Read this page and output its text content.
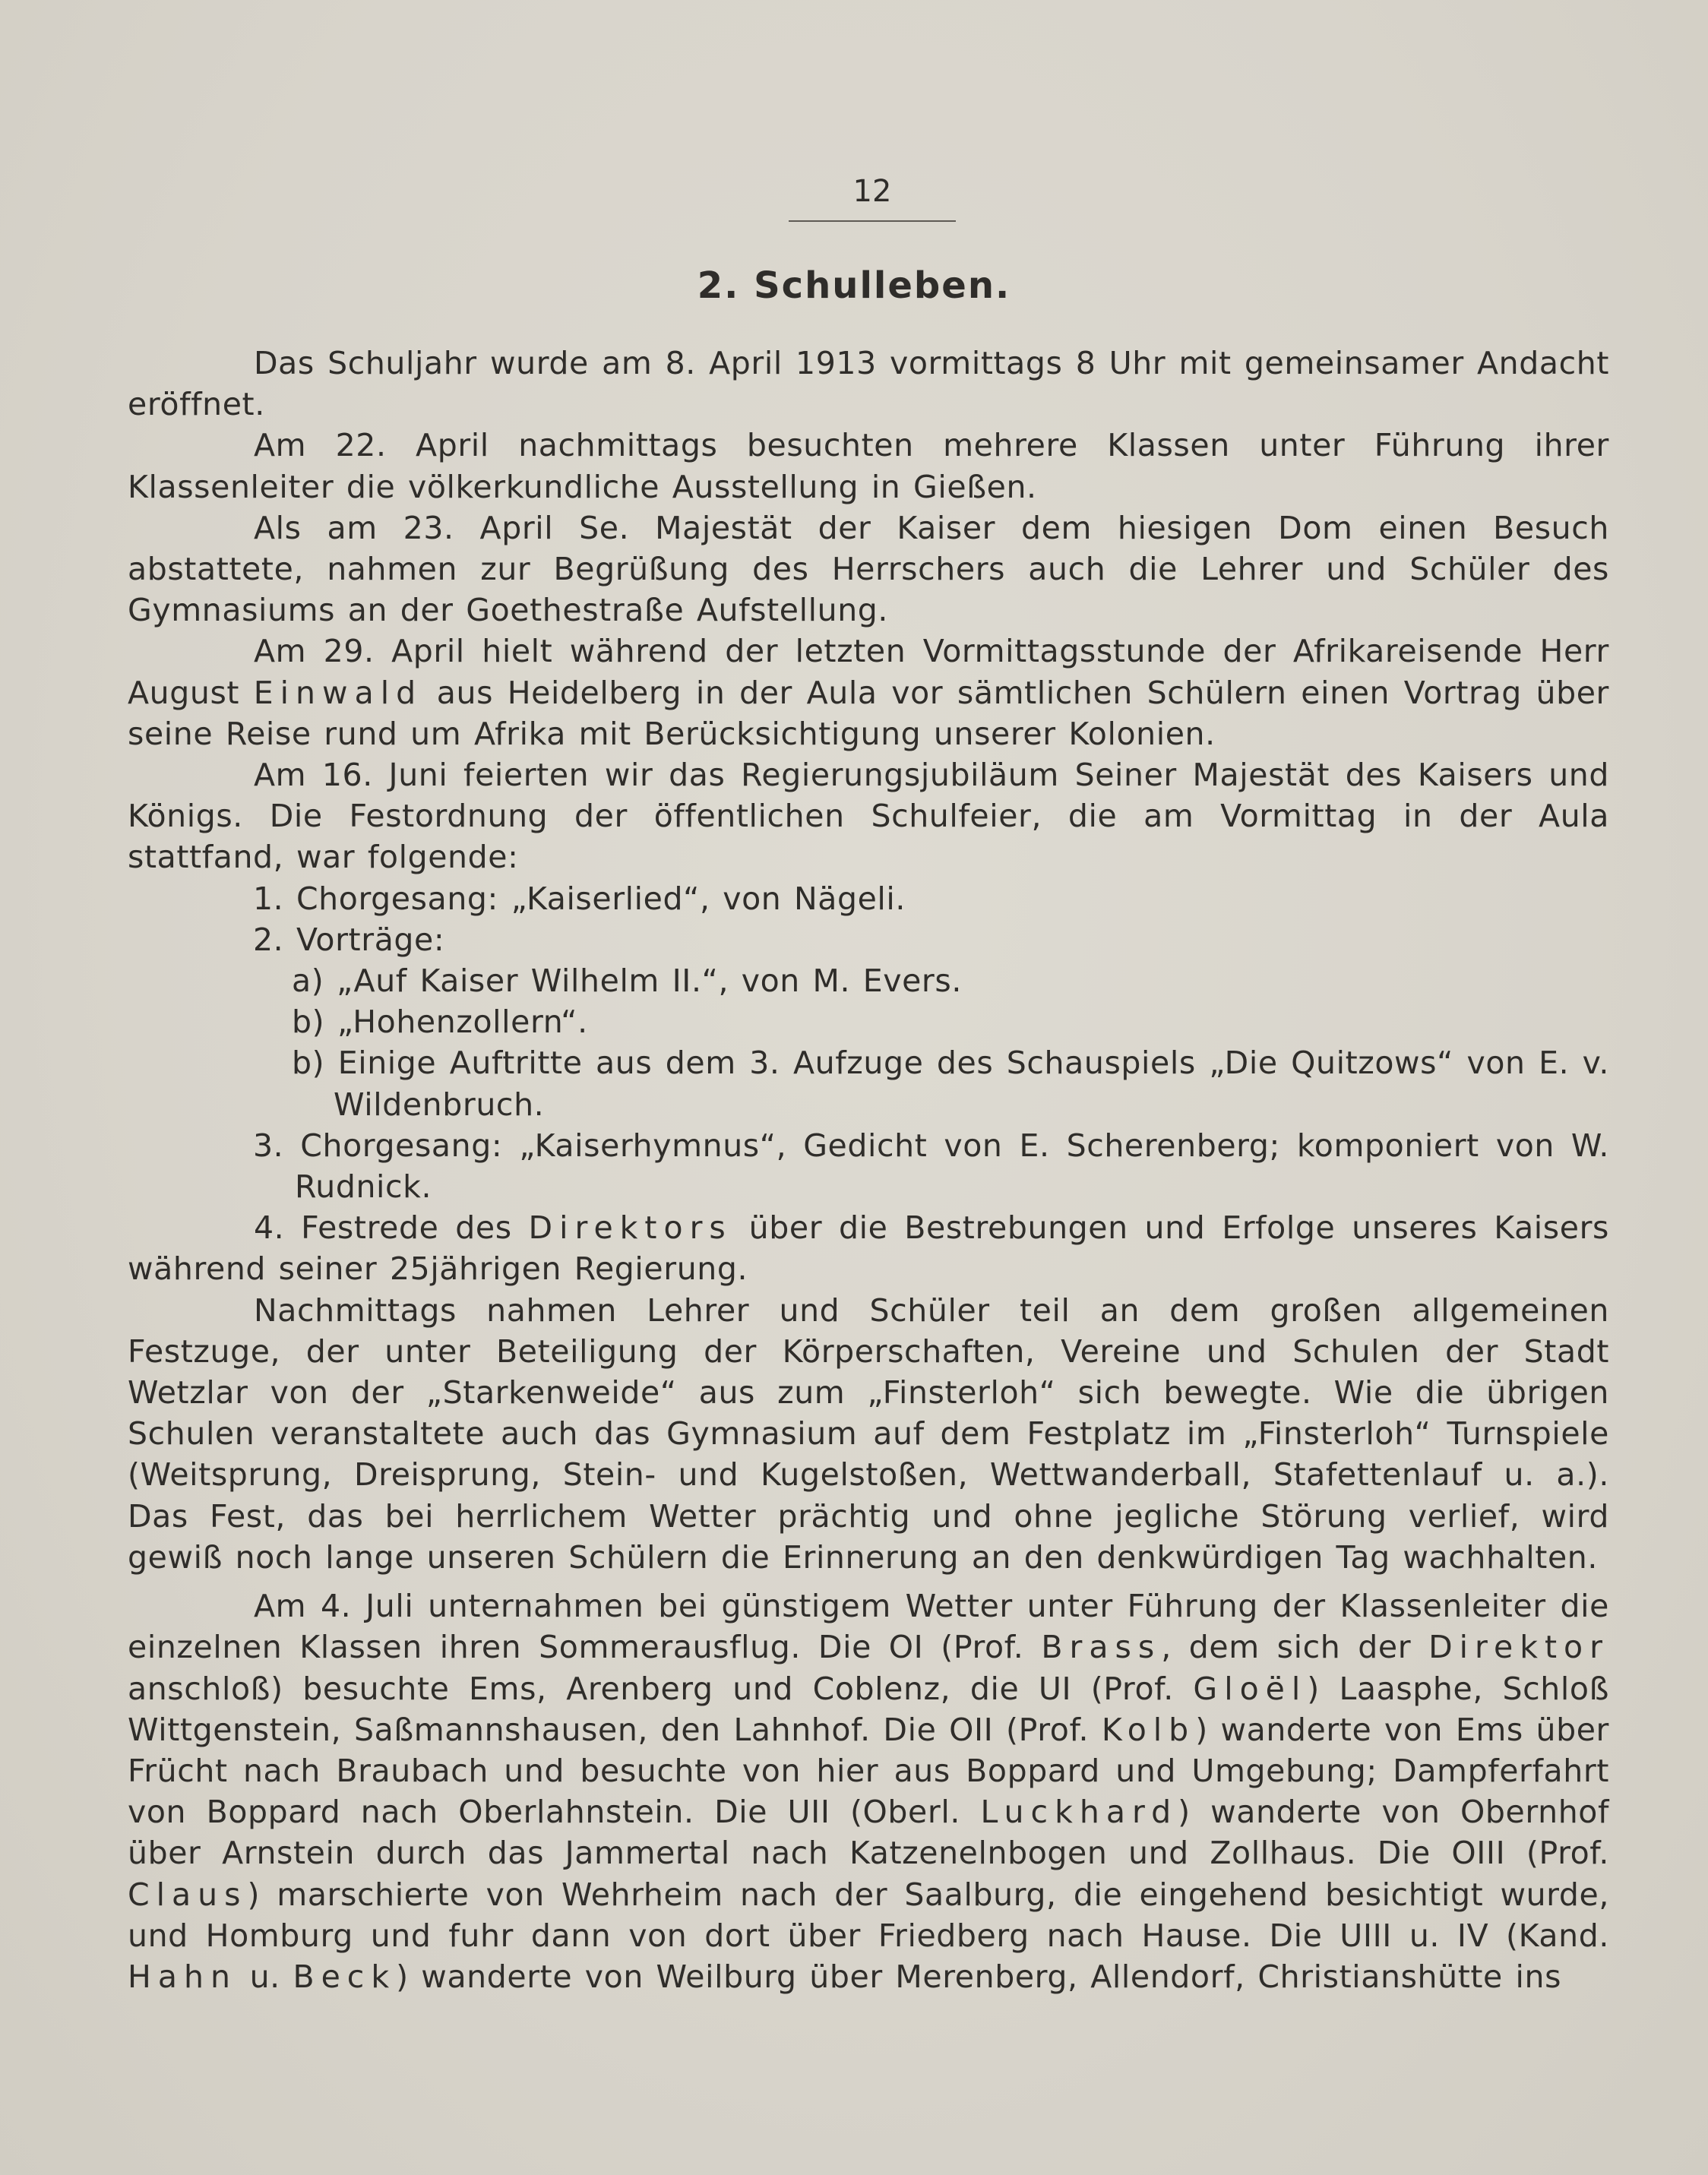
12
2. Schulleben.

Das Schuljahr wurde am 8. April 1913 vormittags 8 Uhr mit gemeinsamer Andacht eröffnet.

Am 22. April nachmittags besuchten mehrere Klassen unter Führung ihrer Klassenleiter die völkerkundliche Ausstellung in Gießen.

Als am 23. April Se. Majestät der Kaiser dem hiesigen Dom einen Besuch abstattete, nahmen zur Begrüßung des Herrschers auch die Lehrer und Schüler des Gymnasiums an der Goethestraße Aufstellung.

Am 29. April hielt während der letzten Vormittagsstunde der Afrikareisende Herr August Einwald aus Heidelberg in der Aula vor sämtlichen Schülern einen Vortrag über seine Reise rund um Afrika mit Berücksichtigung unserer Kolonien.

Am 16. Juni feierten wir das Regierungsjubiläum Seiner Majestät des Kaisers und Königs. Die Festordnung der öffentlichen Schulfeier, die am Vormittag in der Aula stattfand, war folgende:

1. Chorgesang: „Kaiserlied“, von Nägeli.

2. Vorträge:

a) „Auf Kaiser Wilhelm II.“, von M. Evers.

b) „Hohenzollern“.

b) Einige Auftritte aus dem 3. Aufzuge des Schauspiels „Die Quitzows“ von E. v. Wildenbruch.

3. Chorgesang: „Kaiserhymnus“, Gedicht von E. Scherenberg; komponiert von W. Rudnick.

4. Festrede des Direktors über die Bestrebungen und Erfolge unseres Kaisers während seiner 25jährigen Regierung.

Nachmittags nahmen Lehrer und Schüler teil an dem großen allgemeinen Festzuge, der unter Beteiligung der Körperschaften, Vereine und Schulen der Stadt Wetzlar von der „Starkenweide“ aus zum „Finsterloh“ sich bewegte. Wie die übrigen Schulen veranstaltete auch das Gymnasium auf dem Festplatz im „Finsterloh“ Turnspiele (Weitsprung, Dreisprung, Stein- und Kugelstoßen, Wettwanderball, Stafettenlauf u. a.). Das Fest, das bei herrlichem Wetter prächtig und ohne jegliche Störung verlief, wird gewiß noch lange unseren Schülern die Erinnerung an den denkwürdigen Tag wachhalten.

Am 4. Juli unternahmen bei günstigem Wetter unter Führung der Klassenleiter die einzelnen Klassen ihren Sommerausflug. Die OI (Prof. Brass, dem sich der Direktor anschloß) besuchte Ems, Arenberg und Coblenz, die UI (Prof. Gloël) Laasphe, Schloß Wittgenstein, Saßmannshausen, den Lahnhof. Die OII (Prof. Kolb) wanderte von Ems über Frücht nach Braubach und besuchte von hier aus Boppard und Umgebung; Dampferfahrt von Boppard nach Oberlahnstein. Die UII (Oberl. Luckhard) wanderte von Obernhof über Arnstein durch das Jammertal nach Katzenelnbogen und Zollhaus. Die OIII (Prof. Claus) marschierte von Wehrheim nach der Saalburg, die eingehend besichtigt wurde, und Homburg und fuhr dann von dort über Friedberg nach Hause. Die UIII u. IV (Kand. Hahn u. Beck) wanderte von Weilburg über Merenberg, Allendorf, Christianshütte ins
